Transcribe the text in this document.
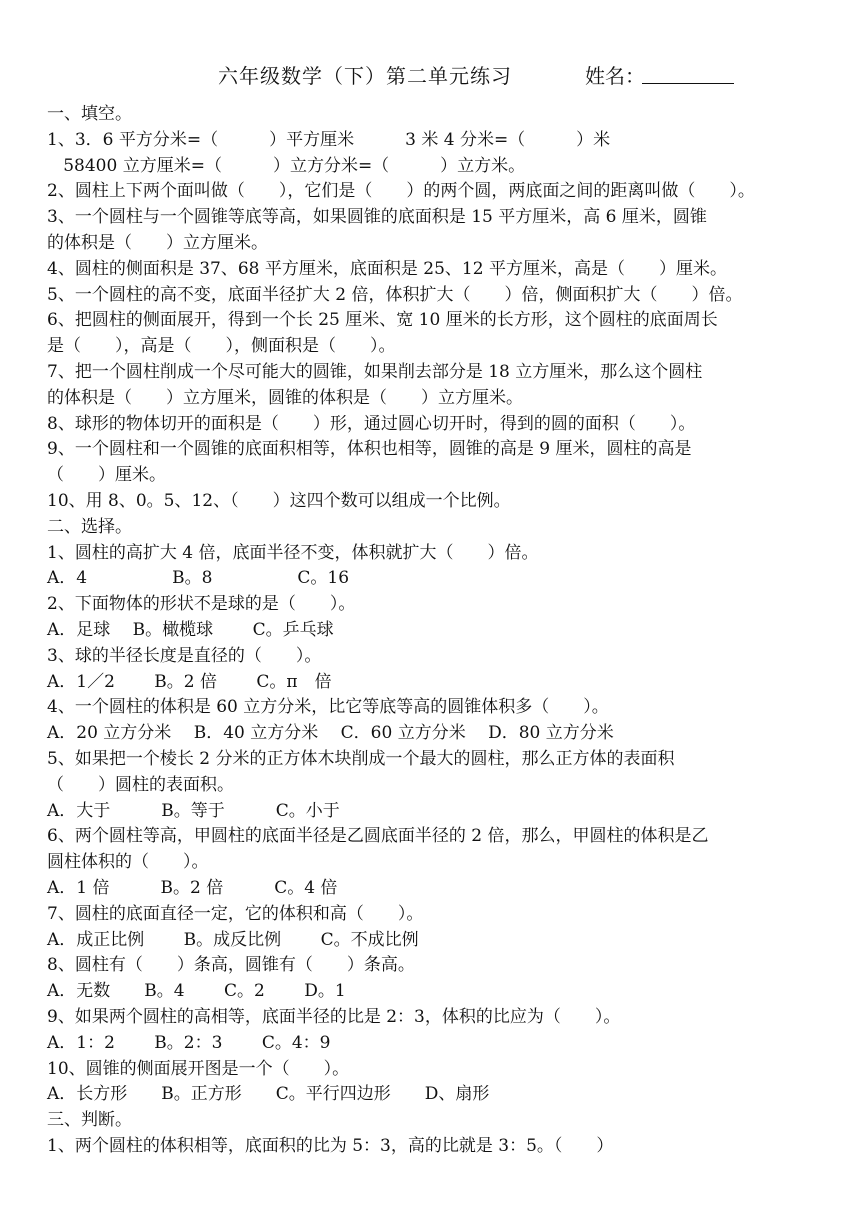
六年级数学（下）第二单元练习	姓名：
一、填空。
1、3．6 平方分米=（　　　）平方厘米　　　3 米 4 分米=（　　　）米
58400 立方厘米=（　　　）立方分米=（　　　）立方米。
2、圆柱上下两个面叫做（　　），它们是（　　）的两个圆，两底面之间的距离叫做（　　）。
3、一个圆柱与一个圆锥等底等高，如果圆锥的底面积是 15 平方厘米，高 6 厘米，圆锥
的体积是（　　）立方厘米。
4、圆柱的侧面积是 37、68 平方厘米，底面积是 25、12 平方厘米，高是（　　）厘米。
5、一个圆柱的高不变，底面半径扩大 2 倍，体积扩大（　　）倍，侧面积扩大（　　）倍。
6、把圆柱的侧面展开，得到一个长 25 厘米、宽 10 厘米的长方形，这个圆柱的底面周长
是（　　），高是（　　），侧面积是（　　）。
7、把一个圆柱削成一个尽可能大的圆锥，如果削去部分是 18 立方厘米，那么这个圆柱
的体积是（　　）立方厘米，圆锥的体积是（　　）立方厘米。
8、球形的物体切开的面积是（　　）形，通过圆心切开时，得到的圆的面积（　　）。
9、一个圆柱和一个圆锥的底面积相等，体积也相等，圆锥的高是 9 厘米，圆柱的高是
（　　）厘米。
10、用 8、0。5、12、（　　）这四个数可以组成一个比例。
二、选择。
1、圆柱的高扩大 4 倍，底面半径不变，体积就扩大（　　）倍。
A．4　　　　　B。8　　　　　C。16
2、下面物体的形状不是球的是（　　）。
A．足球　 B。橄榄球　　 C。乒乓球
3、球的半径长度是直径的（　　）。
A．1／2　　 B。2 倍　　 C。π　倍
4、一个圆柱的体积是 60 立方分米，比它等底等高的圆锥体积多（　　）。
A．20 立方分米　 B．40 立方分米　 C．60 立方分米　 D．80 立方分米
5、如果把一个棱长 2 分米的正方体木块削成一个最大的圆柱，那么正方体的表面积
（　　）圆柱的表面积。
A．大于　　　B。等于　　　C。小于
6、两个圆柱等高，甲圆柱的底面半径是乙圆底面半径的 2 倍，那么，甲圆柱的体积是乙
圆柱体积的（　　）。
A．1 倍　　　B。2 倍　　　C。4 倍
7、圆柱的底面直径一定，它的体积和高（　　）。
A．成正比例　　 B。成反比例　　 C。不成比例
8、圆柱有（　　）条高，圆锥有（　　）条高。
A．无数　　B。4　　 C。2　　 D。1
9、如果两个圆柱的高相等，底面半径的比是 2：3，体积的比应为（　　）。
A．1：2　　 B。2：3　　 C。4：9
10、圆锥的侧面展开图是一个（　　）。
A．长方形　　B。正方形　　C。平行四边形　　D、扇形
三、判断。
1、两个圆柱的体积相等，底面积的比为 5：3，高的比就是 3：5。（　　）
